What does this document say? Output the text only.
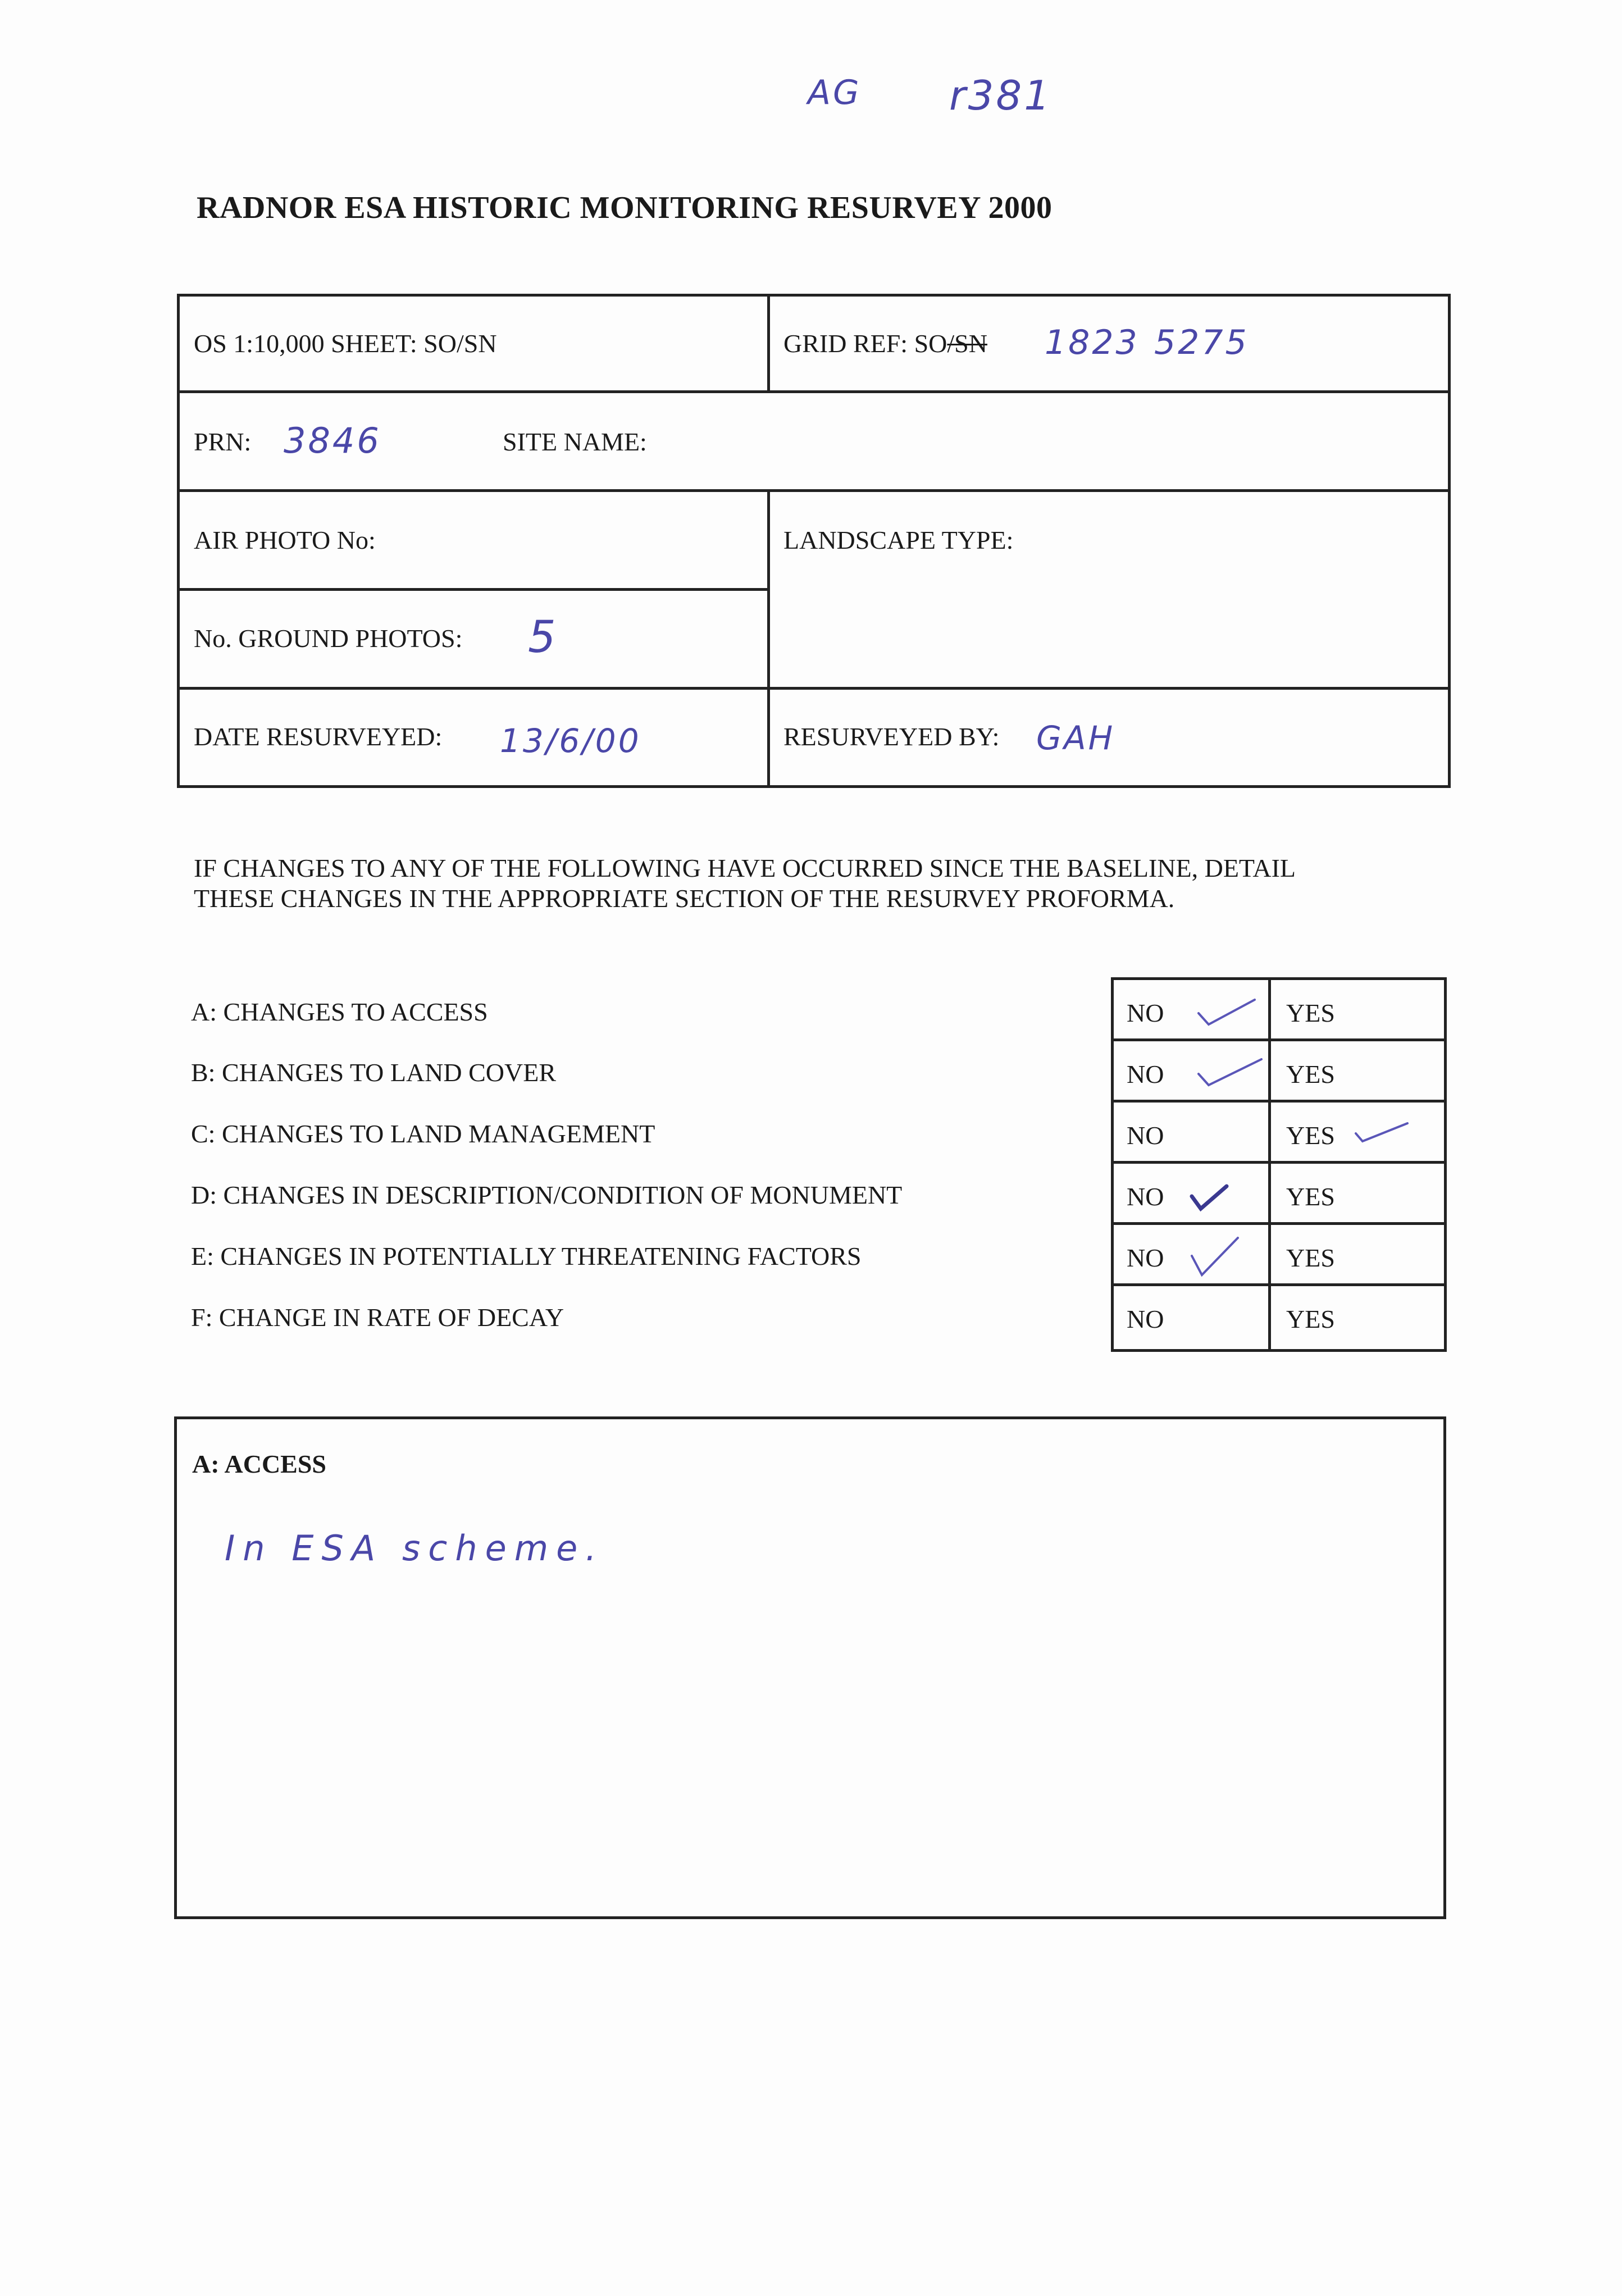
AG r381
RADNOR ESA HISTORIC MONITORING RESURVEY 2000
OS 1:10,000 SHEET: SO/SN	GRID REF: SO/SN 1823 5275
PRN: 3846	SITE NAME:
AIR PHOTO No:	LANDSCAPE TYPE:
No. GROUND PHOTOS: 5
DATE RESURVEYED: 13/6/00	RESURVEYED BY: GAH
IF CHANGES TO ANY OF THE FOLLOWING HAVE OCCURRED SINCE THE BASELINE, DETAIL
THESE CHANGES IN THE APPROPRIATE SECTION OF THE RESURVEY PROFORMA.
A: CHANGES TO ACCESS
B: CHANGES TO LAND COVER
C: CHANGES TO LAND MANAGEMENT
D: CHANGES IN DESCRIPTION/CONDITION OF MONUMENT
E: CHANGES IN POTENTIALLY THREATENING FACTORS
F: CHANGE IN RATE OF DECAY
NO	YES
NO	YES
NO	YES
NO	YES
NO	YES
NO	YES
A: ACCESS
In ESA scheme.
